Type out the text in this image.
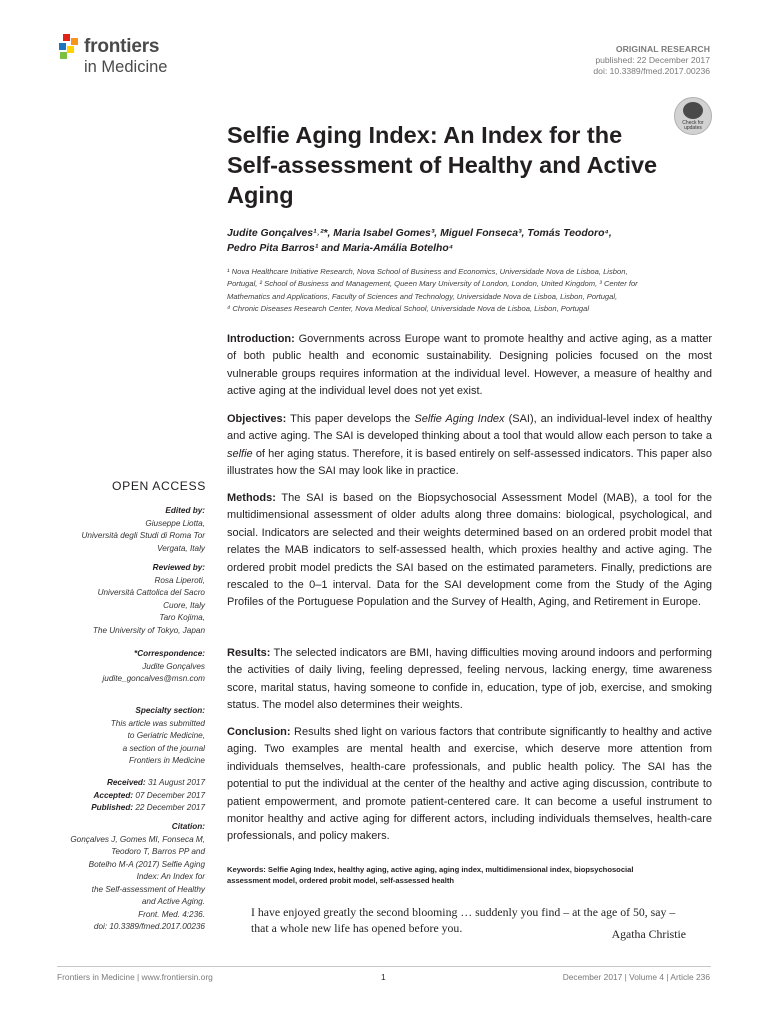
frontiers
in Medicine
ORIGINAL RESEARCH
published: 22 December 2017
doi: 10.3389/fmed.2017.00236
Check for
updates
Selfie Aging Index: An Index for the Self-assessment of Healthy and Active Aging
Judite Gonçalves¹˒²*, Maria Isabel Gomes³, Miguel Fonseca³, Tomás Teodoro⁴,
Pedro Pita Barros¹ and Maria-Amália Botelho⁴
¹ Nova Healthcare Initiative Research, Nova School of Business and Economics, Universidade Nova de Lisboa, Lisbon,
Portugal, ² School of Business and Management, Queen Mary University of London, London, United Kingdom, ³ Center for
Mathematics and Applications, Faculty of Sciences and Technology, Universidade Nova de Lisboa, Lisbon, Portugal,
⁴ Chronic Diseases Research Center, Nova Medical School, Universidade Nova de Lisboa, Lisbon, Portugal
Introduction: Governments across Europe want to promote healthy and active aging, as a matter of both public health and economic sustainability. Designing policies focused on the most vulnerable groups requires information at the individual level. However, a measure of healthy and active aging at the individual level does not yet exist.
Objectives: This paper develops the Selfie Aging Index (SAI), an individual-level index of healthy and active aging. The SAI is developed thinking about a tool that would allow each person to take a selfie of her aging status. Therefore, it is based entirely on self-assessed indicators. This paper also illustrates how the SAI may look like in practice.
Methods: The SAI is based on the Biopsychosocial Assessment Model (MAB), a tool for the multidimensional assessment of older adults along three domains: biological, psychological, and social. Indicators are selected and their weights determined based on an ordered probit model that relates the MAB indicators to self-assessed health, which proxies healthy and active aging. The ordered probit model predicts the SAI based on the estimated parameters. Finally, predictions are rescaled to the 0–1 interval. Data for the SAI development come from the Study of the Aging Profiles of the Portuguese Population and the Survey of Health, Aging, and Retirement in Europe.
Results: The selected indicators are BMI, having difficulties moving around indoors and performing the activities of daily living, feeling depressed, feeling nervous, lacking energy, time awareness score, marital status, having someone to confide in, education, type of job, exercise, and smoking status. The model also determines their weights.
Conclusion: Results shed light on various factors that contribute significantly to healthy and active aging. Two examples are mental health and exercise, which deserve more attention from individuals themselves, health-care professionals, and public health policy. The SAI has the potential to put the individual at the center of the healthy and active aging discussion, contribute to patient empowerment, and promote patient-centered care. It can become a useful instrument to monitor healthy and active aging for different actors, including individuals themselves, health-care professionals, and policy makers.
Keywords: Selfie Aging Index, healthy aging, active aging, aging index, multidimensional index, biopsychosocial
assessment model, ordered probit model, self-assessed health
I have enjoyed greatly the second blooming … suddenly you find – at the age of 50, say –
that a whole new life has opened before you.	Agatha Christie
OPEN ACCESS
Edited by:
Giuseppe Liotta,
Università degli Studi di Roma Tor
Vergata, Italy
Reviewed by:
Rosa Liperoti,
Università Cattolica del Sacro
Cuore, Italy
Taro Kojima,
The University of Tokyo, Japan
*Correspondence:
Judite Gonçalves
judite_goncalves@msn.com
Specialty section:
This article was submitted
to Geriatric Medicine,
a section of the journal
Frontiers in Medicine
Received: 31 August 2017
Accepted: 07 December 2017
Published: 22 December 2017
Citation:
Gonçalves J, Gomes MI, Fonseca M,
Teodoro T, Barros PP and
Botelho M-A (2017) Selfie Aging
Index: An Index for
the Self-assessment of Healthy
and Active Aging.
Front. Med. 4:236.
doi: 10.3389/fmed.2017.00236
Frontiers in Medicine | www.frontiersin.org	1	December 2017 | Volume 4 | Article 236
